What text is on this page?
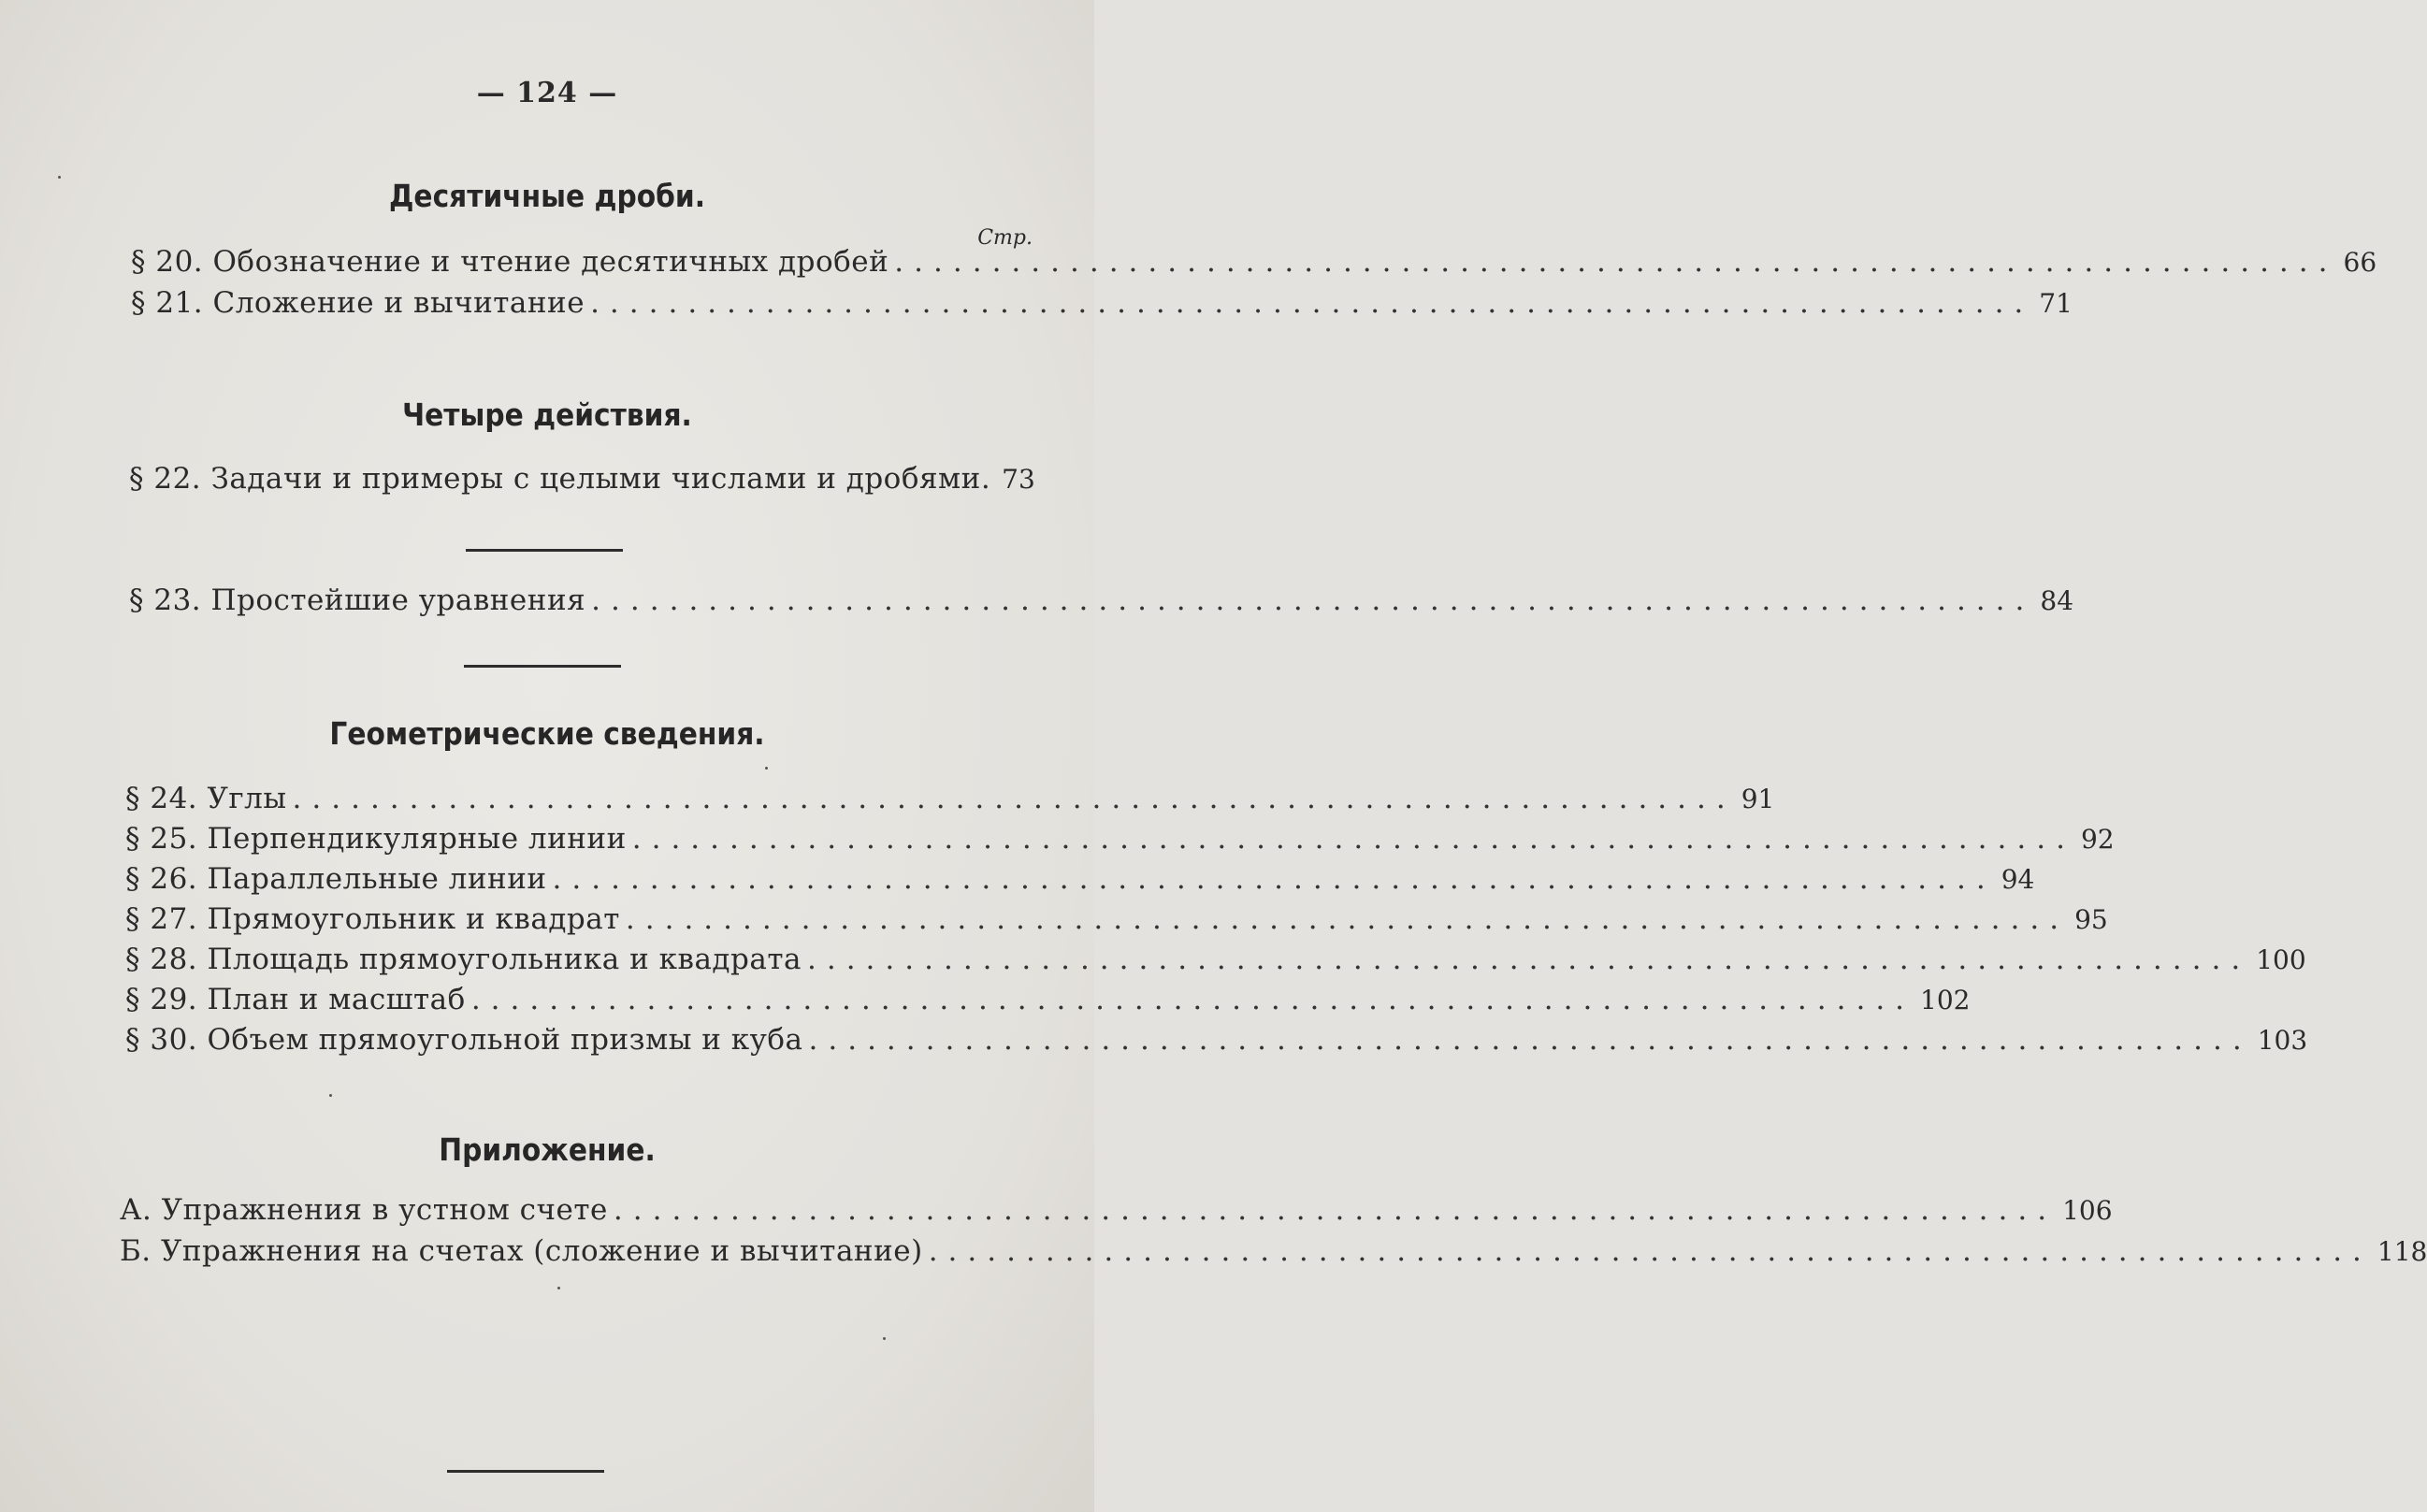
— 124 —
Десятичные дроби.
Стр.
§ 20. Обозначение и чтение десятичных дробей .......................................................................... 66
§ 21. Сложение и вычитание .......................................................................... 71
Четыре действия.
§ 22. Задачи и примеры с целыми числами и дробями. 73
§ 23. Простейшие уравнения .......................................................................... 84
Геометрические сведения.
§ 24. Углы .......................................................................... 91
§ 25. Перпендикулярные линии .......................................................................... 92
§ 26. Параллельные линии .......................................................................... 94
§ 27. Прямоугольник и квадрат .......................................................................... 95
§ 28. Площадь прямоугольника и квадрата .......................................................................... 100
§ 29. План и масштаб .......................................................................... 102
§ 30. Объем прямоугольной призмы и куба .......................................................................... 103
Приложение.
А. Упражнения в устном счете .......................................................................... 106
Б. Упражнения на счетах (сложение и вычитание) .......................................................................... 118
